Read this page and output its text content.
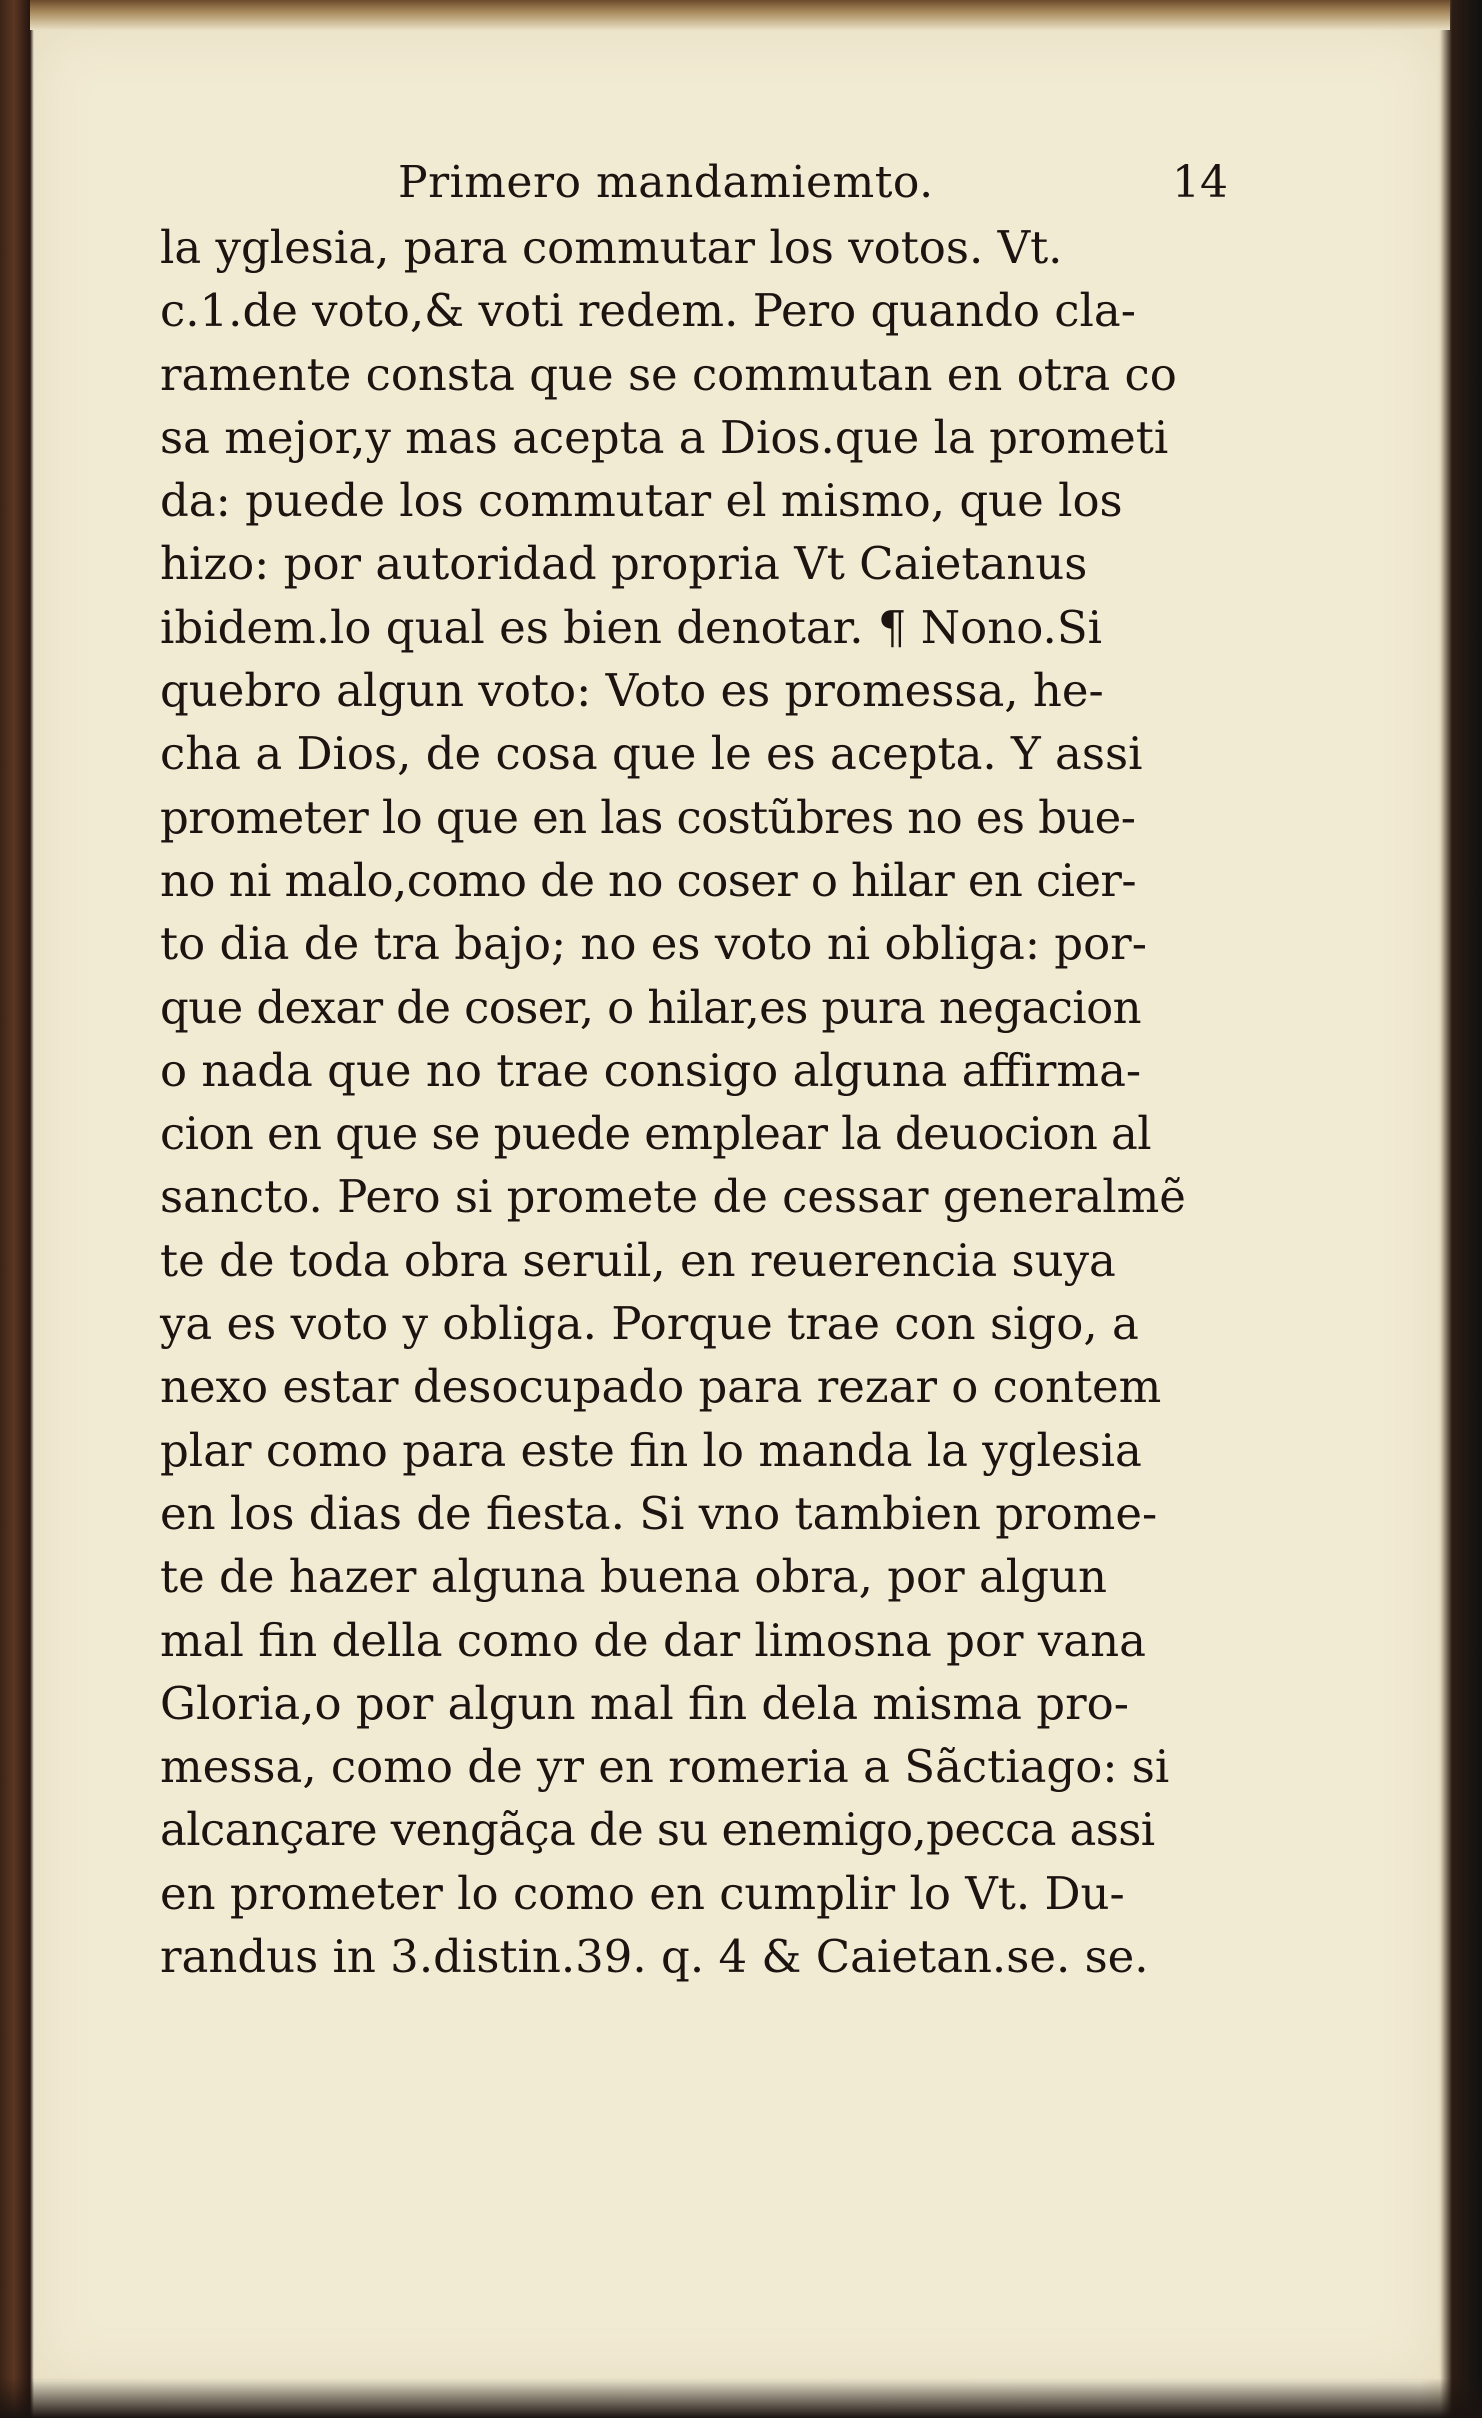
Primero mandamiemto.	14
la yglesia, para commutar los votos. Vt.
c.1.de voto,& voti redem. Pero quando cla-
ramente consta que se commutan en otra co
sa mejor,y mas acepta a Dios.que la prometi
da: puede los commutar el mismo, que los
hizo: por autoridad propria Vt Caietanus
ibidem.lo qual es bien denotar. ¶ Nono.Si
quebro algun voto: Voto es promessa, he-
cha a Dios, de cosa que le es acepta. Y assi
prometer lo que en las costũbres no es bue-
no ni malo,como de no coser o hilar en cier-
to dia de tra bajo; no es voto ni obliga: por-
que dexar de coser, o hilar,es pura negacion
o nada que no trae consigo alguna affirma-
cion en que se puede emplear la deuocion al
sancto. Pero si promete de cessar generalmẽ
te de toda obra seruil, en reuerencia suya
ya es voto y obliga. Porque trae con sigo, a
nexo estar desocupado para rezar o contem
plar como para este fin lo manda la yglesia
en los dias de fiesta. Si vno tambien prome-
te de hazer alguna buena obra, por algun
mal fin della como de dar limosna por vana
Gloria,o por algun mal fin dela misma pro-
messa, como de yr en romeria a Sãctiago: si
alcançare vengãça de su enemigo,pecca assi
en prometer lo como en cumplir lo Vt. Du-
randus in 3.distin.39. q. 4 & Caietan.se. se.
